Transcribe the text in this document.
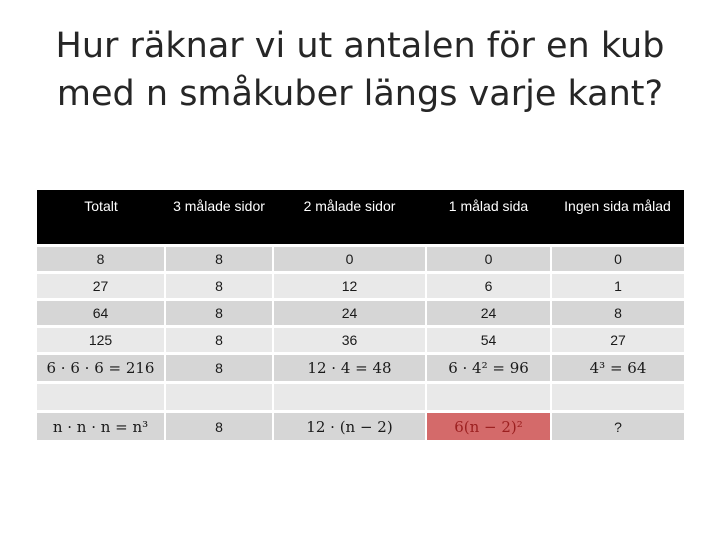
Hur räknar vi ut antalen för en kub
med n småkuber längs varje kant?
Totalt	3 målade sidor	2 målade sidor	1 målad sida	Ingen sida målad
8	8	0	0	0
27	8	12	6	1
64	8	24	24	8
125	8	36	54	27
6 · 6 · 6 = 216	8	12 · 4 = 48	6 · 4² = 96	4³ = 64

n · n · n = n³	8	12 · (n − 2)	6(n − 2)²	?
